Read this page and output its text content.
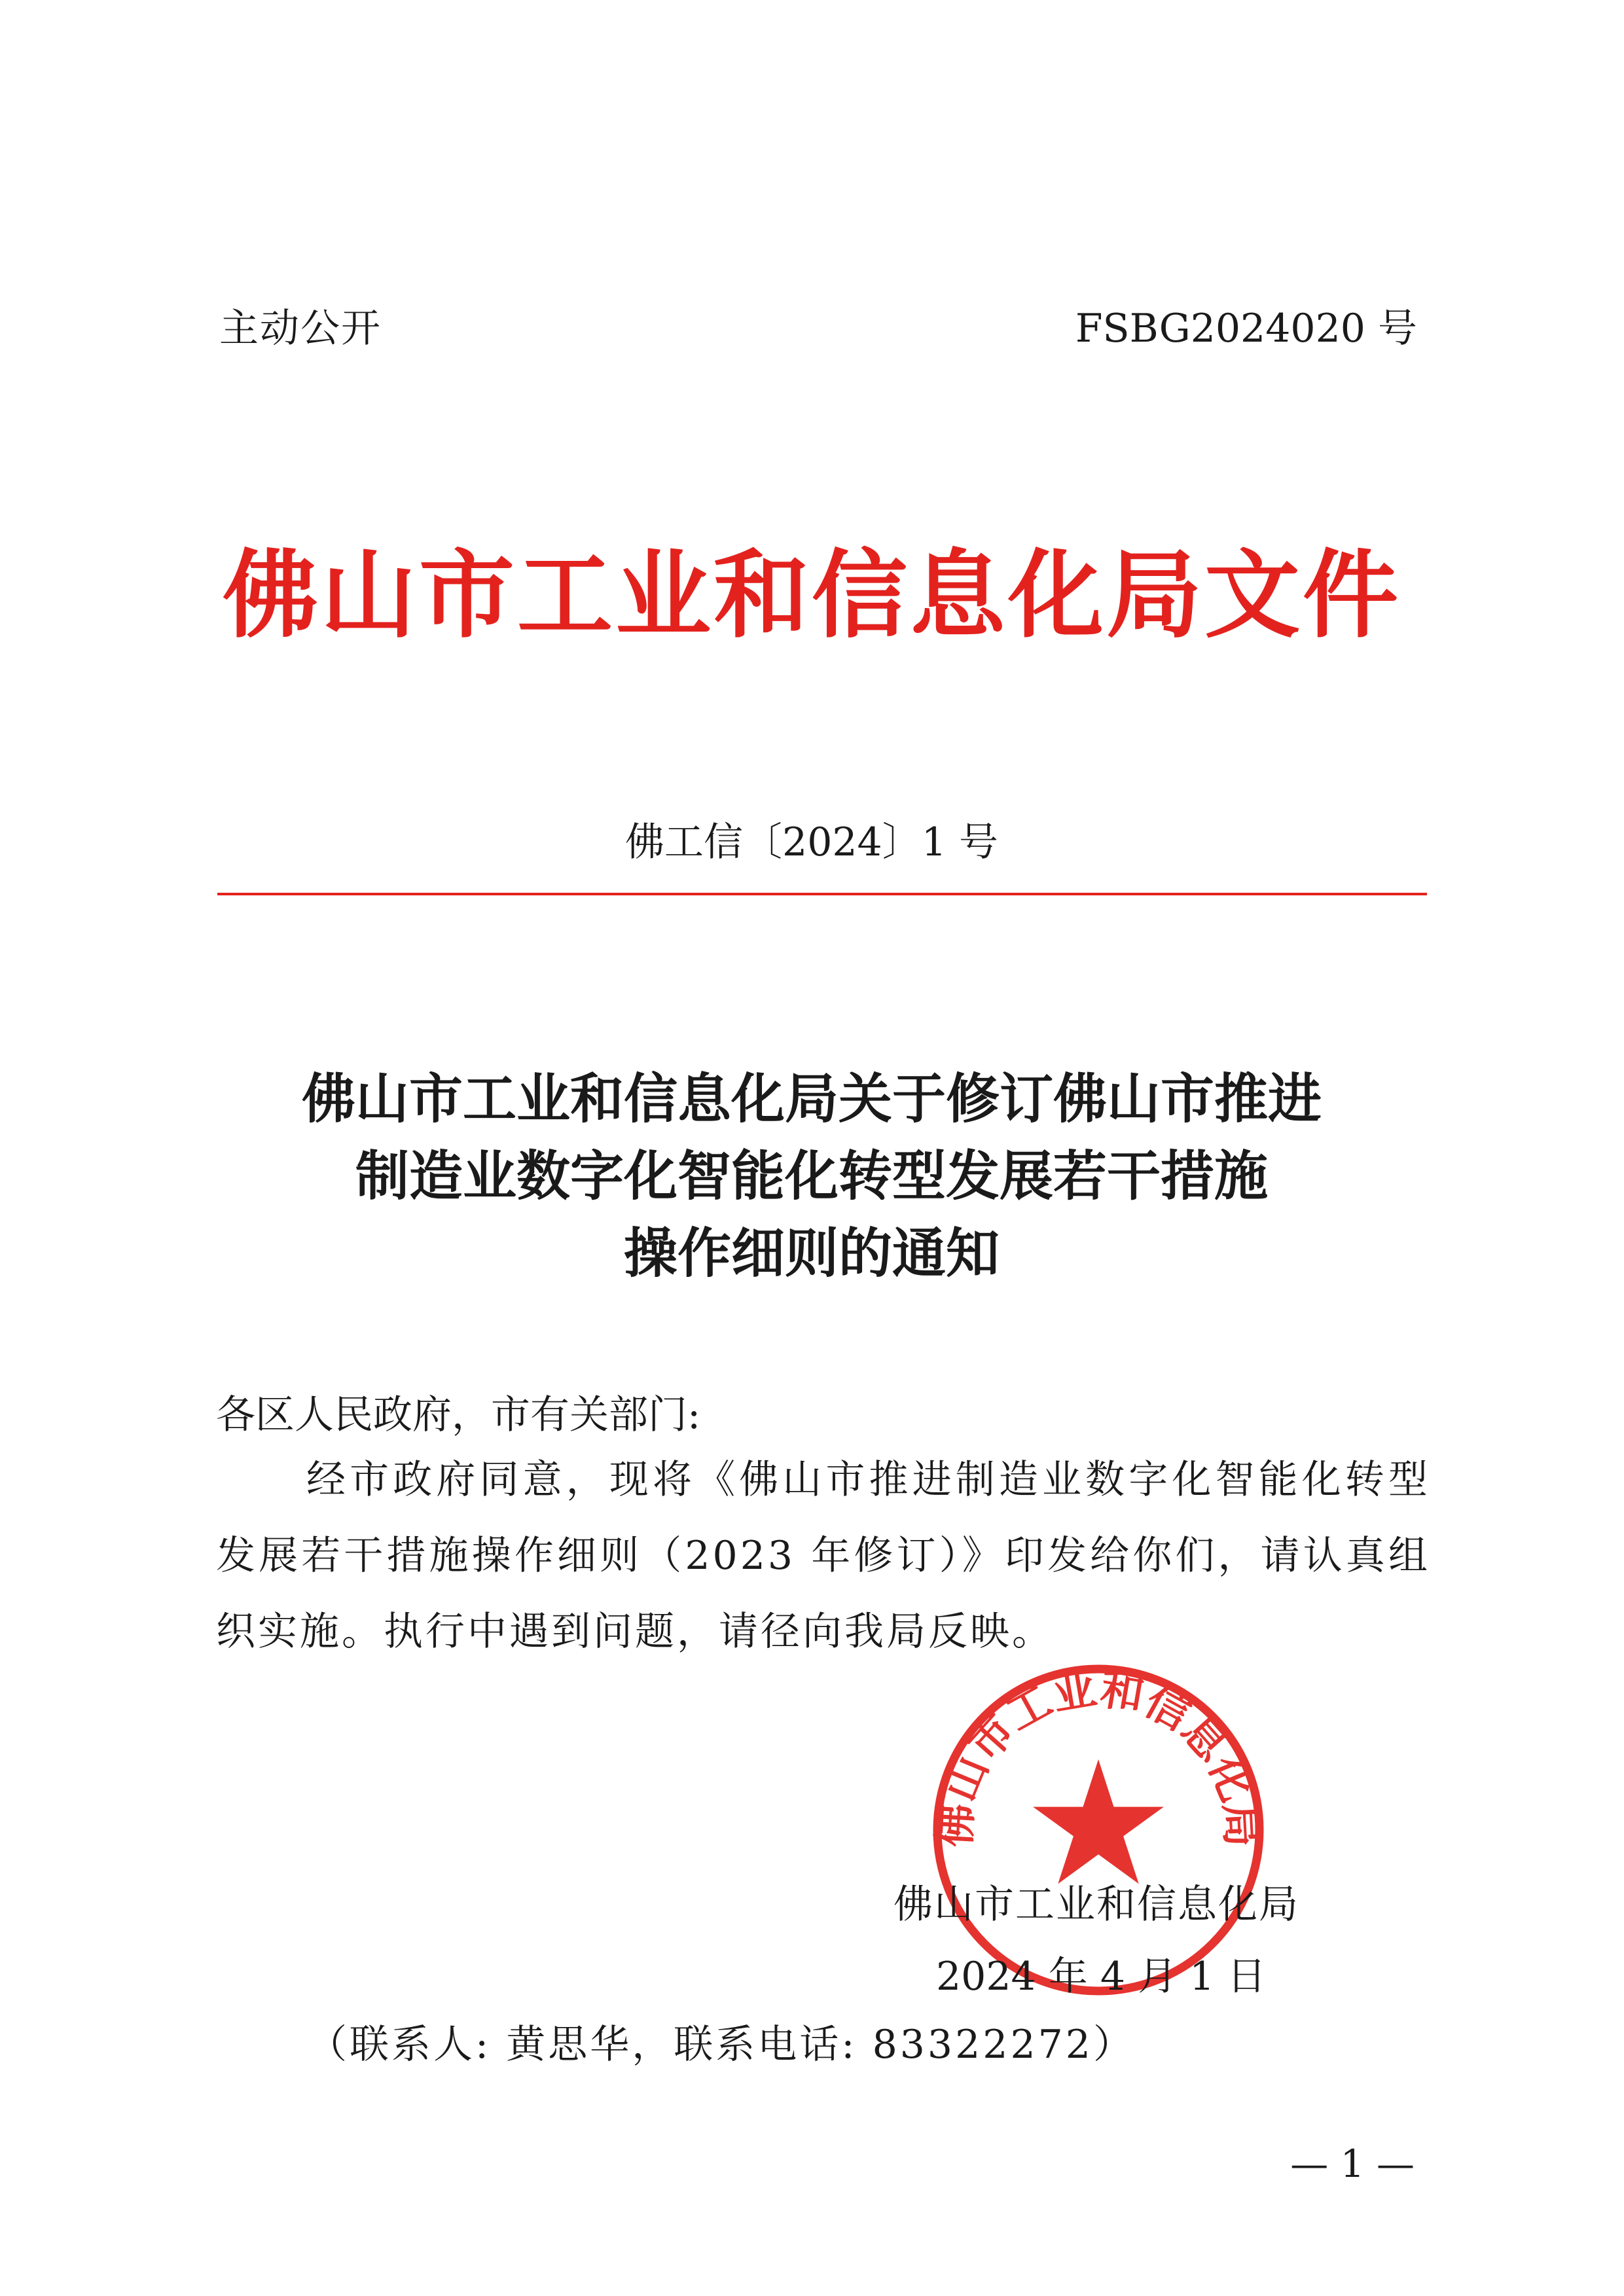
主动公开	FSBG2024020 号
佛山市工业和信息化局文件
佛工信〔2024〕1 号
佛山市工业和信息化局关于修订佛山市推进
制造业数字化智能化转型发展若干措施
操作细则的通知
各区人民政府，市有关部门:
经市政府同意，现将《佛山市推进制造业数字化智能化转型发展若干措施操作细则（2023 年修订）》印发给你们，请认真组织实施。执行中遇到问题，请径向我局反映。
佛山市工业和信息化局
佛山市工业和信息化局
2024 年 4 月 1 日
（联系人: 黄思华，联系电话: 83322272）
— 1 —
